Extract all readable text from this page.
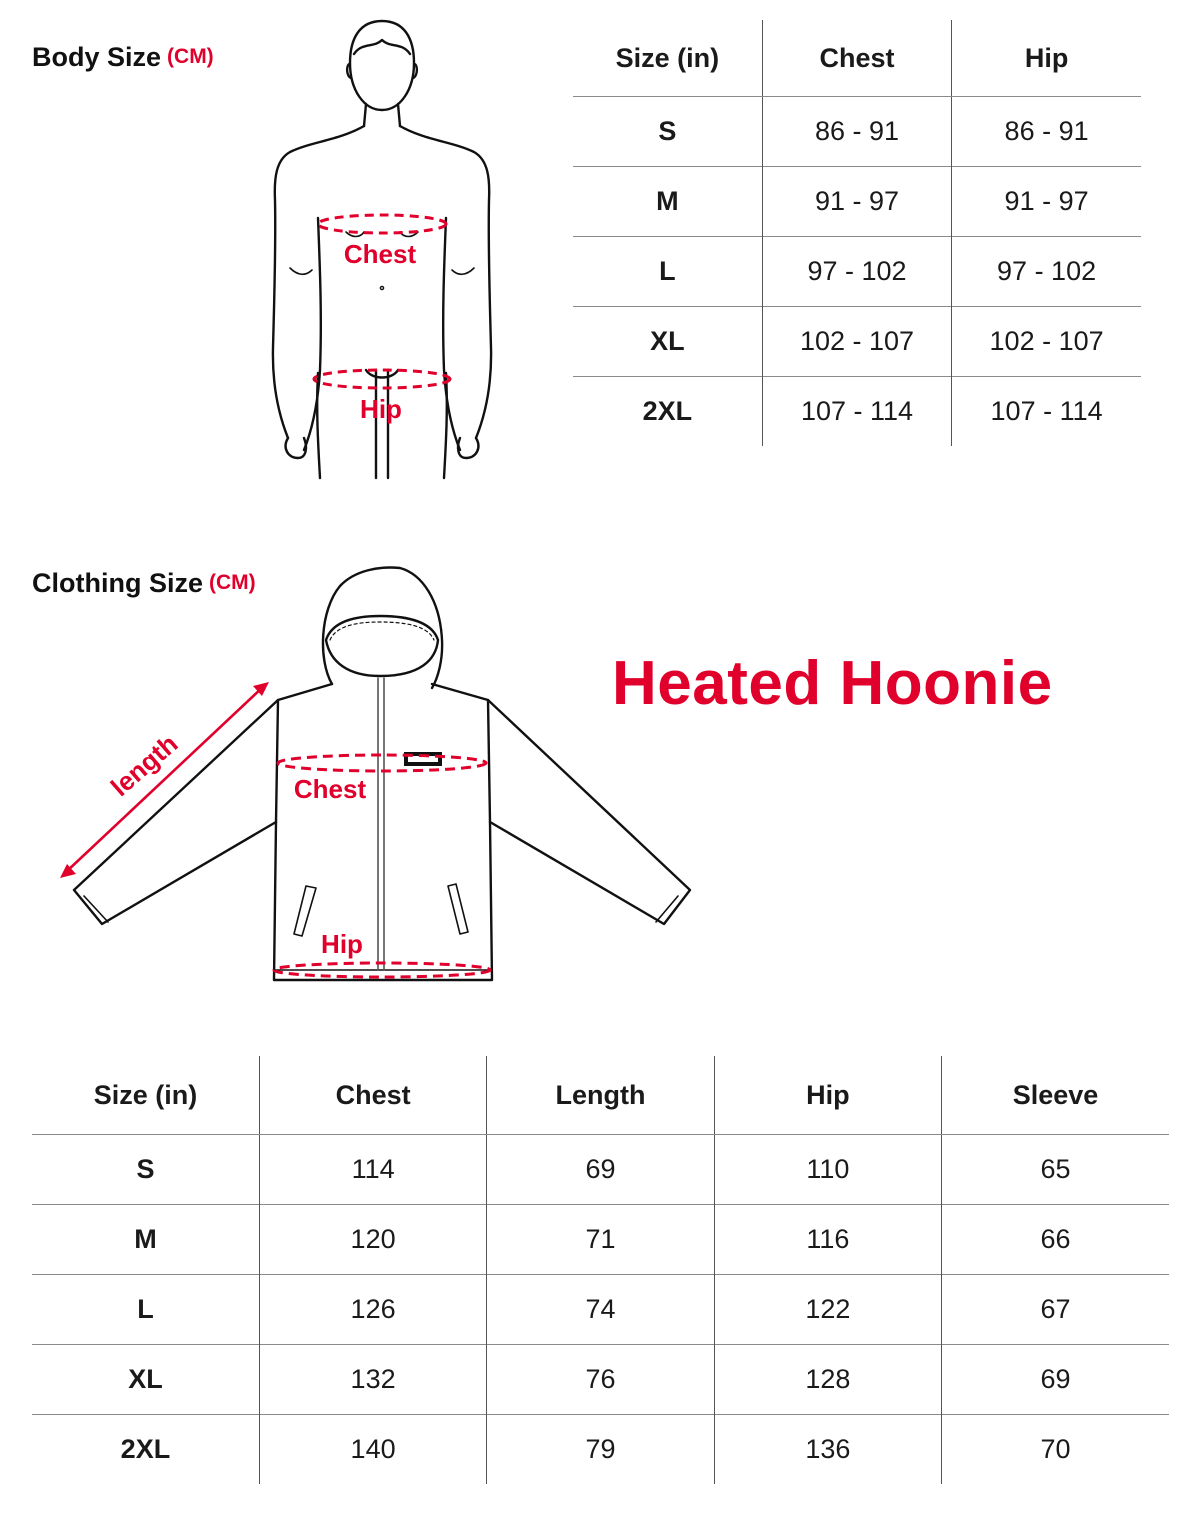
Body Size (CM)
Chest
Hip
Size (in)	Chest	Hip
S	86 - 91	86 - 91
M	91 - 97	91 - 97
L	97 - 102	97 - 102
XL	102 - 107	102 - 107
2XL	107 - 114	107 - 114
Clothing Size (CM)
Heated Hoonie
length	Chest
Hip
Size (in)	Chest	Length	Hip	Sleeve
S	114	69	110	65
M	120	71	116	66
L	126	74	122	67
XL	132	76	128	69
2XL	140	79	136	70
